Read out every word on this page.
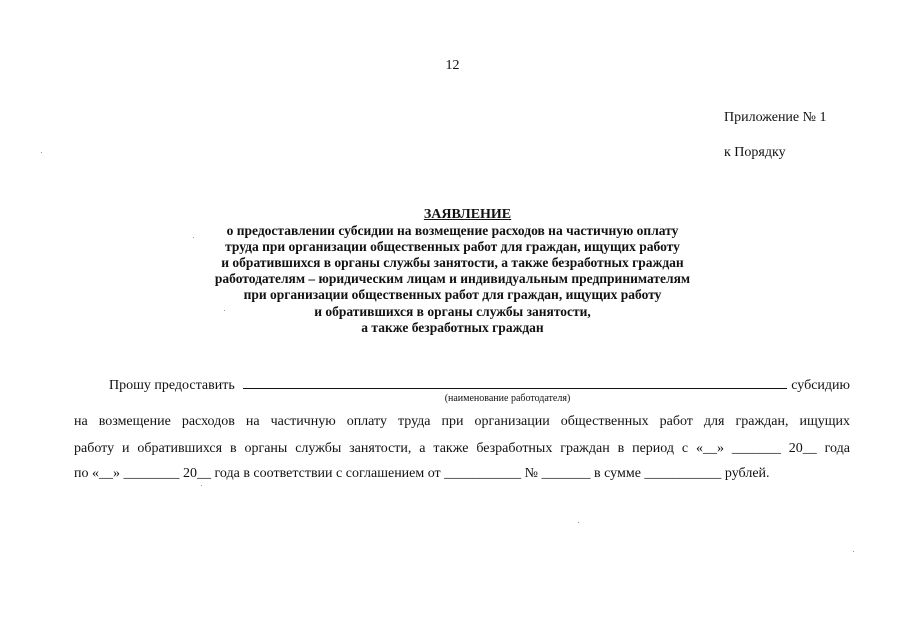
12
Приложение № 1
к Порядку
ЗАЯВЛЕНИЕ
о предоставлении субсидии на возмещение расходов на частичную оплату
труда при организации общественных работ для граждан, ищущих работу
и обратившихся в органы службы занятости, а также безработных граждан
работодателям – юридическим лицам и индивидуальным предпринимателям
при организации общественных работ для граждан, ищущих работу
и обратившихся в органы службы занятости,
а также безработных граждан
Прошу предоставить	субсидию
(наименование работодателя)
на возмещение расходов на частичную оплату труда при организации общественных работ для граждан, ищущих
работу и обратившихся в органы службы занятости, а также безработных граждан в период с «__» _______ 20__ года
по «__» ________ 20__ года в соответствии с соглашением от ___________ № _______ в сумме ___________ рублей.
